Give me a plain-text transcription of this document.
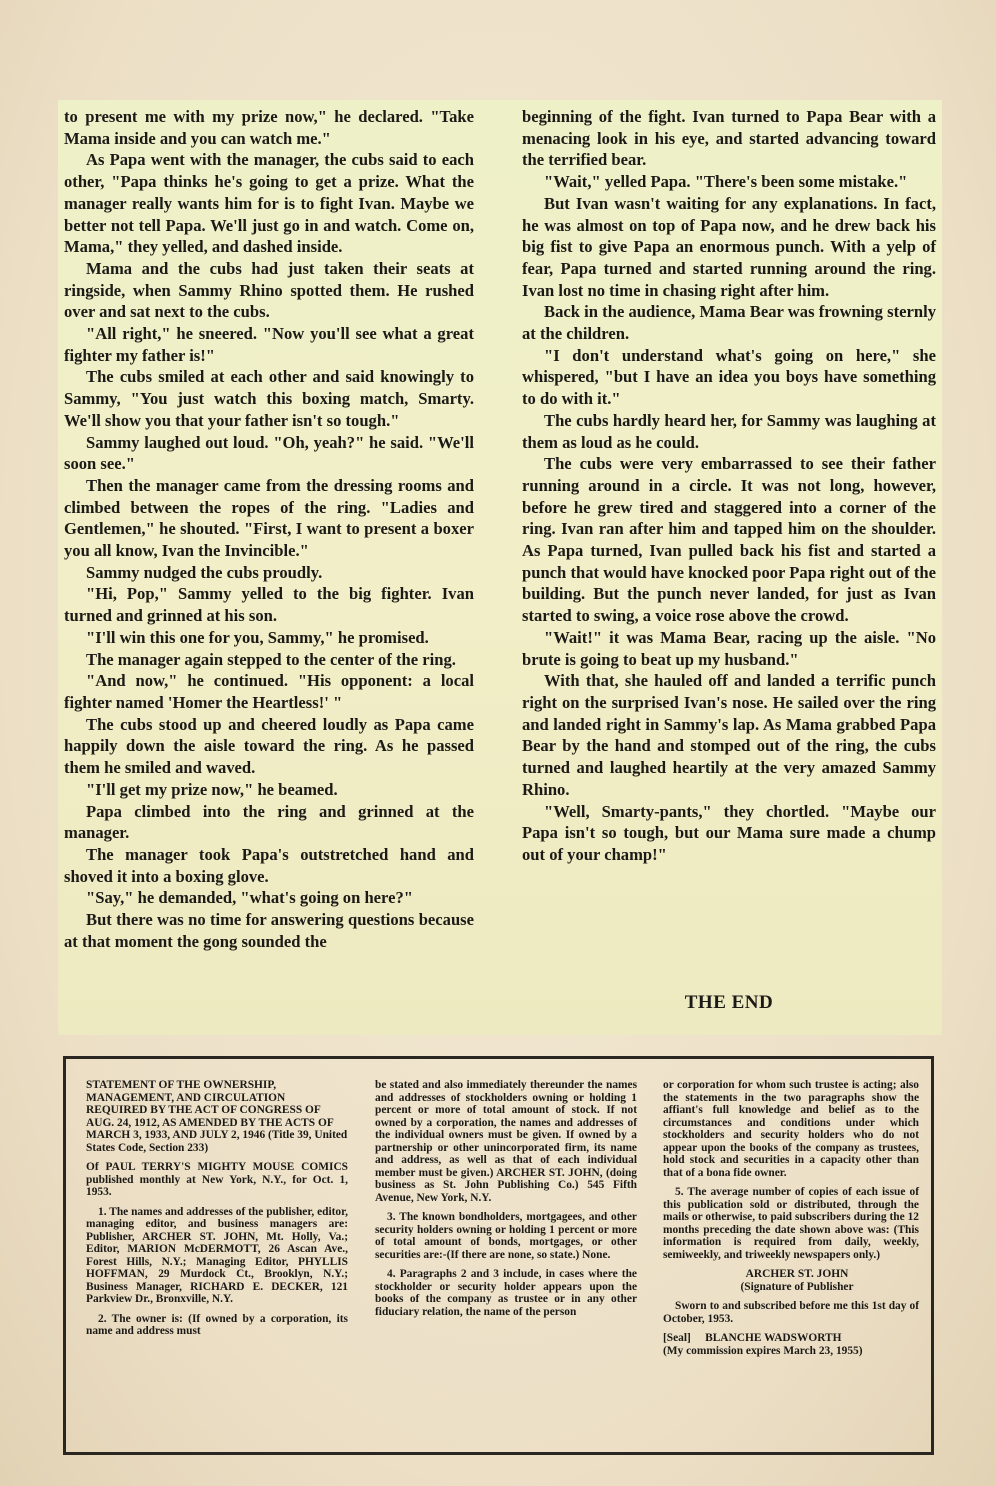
to present me with my prize now," he declared. "Take Mama inside and you can watch me."

As Papa went with the manager, the cubs said to each other, "Papa thinks he's going to get a prize. What the manager really wants him for is to fight Ivan. Maybe we better not tell Papa. We'll just go in and watch. Come on, Mama," they yelled, and dashed inside.

Mama and the cubs had just taken their seats at ringside, when Sammy Rhino spotted them. He rushed over and sat next to the cubs.

"All right," he sneered. "Now you'll see what a great fighter my father is!"

The cubs smiled at each other and said knowingly to Sammy, "You just watch this boxing match, Smarty. We'll show you that your father isn't so tough."

Sammy laughed out loud. "Oh, yeah?" he said. "We'll soon see."

Then the manager came from the dressing rooms and climbed between the ropes of the ring. "Ladies and Gentlemen," he shouted. "First, I want to present a boxer you all know, Ivan the Invincible."

Sammy nudged the cubs proudly.

"Hi, Pop," Sammy yelled to the big fighter. Ivan turned and grinned at his son.

"I'll win this one for you, Sammy," he promised.

The manager again stepped to the center of the ring.

"And now," he continued. "His opponent: a local fighter named 'Homer the Heartless!' "

The cubs stood up and cheered loudly as Papa came happily down the aisle toward the ring. As he passed them he smiled and waved.

"I'll get my prize now," he beamed.

Papa climbed into the ring and grinned at the manager.

The manager took Papa's outstretched hand and shoved it into a boxing glove.

"Say," he demanded, "what's going on here?"

But there was no time for answering questions because at that moment the gong sounded the

beginning of the fight. Ivan turned to Papa Bear with a menacing look in his eye, and started advancing toward the terrified bear.

"Wait," yelled Papa. "There's been some mistake."

But Ivan wasn't waiting for any explanations. In fact, he was almost on top of Papa now, and he drew back his big fist to give Papa an enormous punch. With a yelp of fear, Papa turned and started running around the ring. Ivan lost no time in chasing right after him.

Back in the audience, Mama Bear was frowning sternly at the children.

"I don't understand what's going on here," she whispered, "but I have an idea you boys have something to do with it."

The cubs hardly heard her, for Sammy was laughing at them as loud as he could.

The cubs were very embarrassed to see their father running around in a circle. It was not long, however, before he grew tired and staggered into a corner of the ring. Ivan ran after him and tapped him on the shoulder. As Papa turned, Ivan pulled back his fist and started a punch that would have knocked poor Papa right out of the building. But the punch never landed, for just as Ivan started to swing, a voice rose above the crowd.

"Wait!" it was Mama Bear, racing up the aisle. "No brute is going to beat up my husband."

With that, she hauled off and landed a terrific punch right on the surprised Ivan's nose. He sailed over the ring and landed right in Sammy's lap. As Mama grabbed Papa Bear by the hand and stomped out of the ring, the cubs turned and laughed heartily at the very amazed Sammy Rhino.

"Well, Smarty-pants," they chortled. "Maybe our Papa isn't so tough, but our Mama sure made a chump out of your champ!"

THE END

STATEMENT OF THE OWNERSHIP, MANAGEMENT, AND CIRCULATION REQUIRED BY THE ACT OF CONGRESS OF AUG. 24, 1912, AS AMENDED BY THE ACTS OF MARCH 3, 1933, AND JULY 2, 1946 (Title 39, United States Code, Section 233)

Of PAUL TERRY'S MIGHTY MOUSE COMICS published monthly at New York, N.Y., for Oct. 1, 1953.

1. The names and addresses of the publisher, editor, managing editor, and business managers are: Publisher, ARCHER ST. JOHN, Mt. Holly, Va.; Editor, MARION McDERMOTT, 26 Ascan Ave., Forest Hills, N.Y.; Managing Editor, PHYLLIS HOFFMAN, 29 Murdock Ct., Brooklyn, N.Y.; Business Manager, RICHARD E. DECKER, 121 Parkview Dr., Bronxville, N.Y.

2. The owner is: (If owned by a corporation, its name and address must

be stated and also immediately thereunder the names and addresses of stockholders owning or holding 1 percent or more of total amount of stock. If not owned by a corporation, the names and addresses of the individual owners must be given. If owned by a partnership or other unincorporated firm, its name and address, as well as that of each individual member must be given.) ARCHER ST. JOHN, (doing business as St. John Publishing Co.) 545 Fifth Avenue, New York, N.Y.

3. The known bondholders, mortgagees, and other security holders owning or holding 1 percent or more of total amount of bonds, mortgages, or other securities are:-(If there are none, so state.) None.

4. Paragraphs 2 and 3 include, in cases where the stockholder or security holder appears upon the books of the company as trustee or in any other fiduciary relation, the name of the person

or corporation for whom such trustee is acting; also the statements in the two paragraphs show the affiant's full knowledge and belief as to the circumstances and conditions under which stockholders and security holders who do not appear upon the books of the company as trustees, hold stock and securities in a capacity other than that of a bona fide owner.

5. The average number of copies of each issue of this publication sold or distributed, through the mails or otherwise, to paid subscribers during the 12 months preceding the date shown above was: (This information is required from daily, weekly, semiweekly, and triweekly newspapers only.)

ARCHER ST. JOHN
(Signature of Publisher

Sworn to and subscribed before me this 1st day of October, 1953.

[Seal] BLANCHE WADSWORTH

(My commission expires March 23, 1955)
